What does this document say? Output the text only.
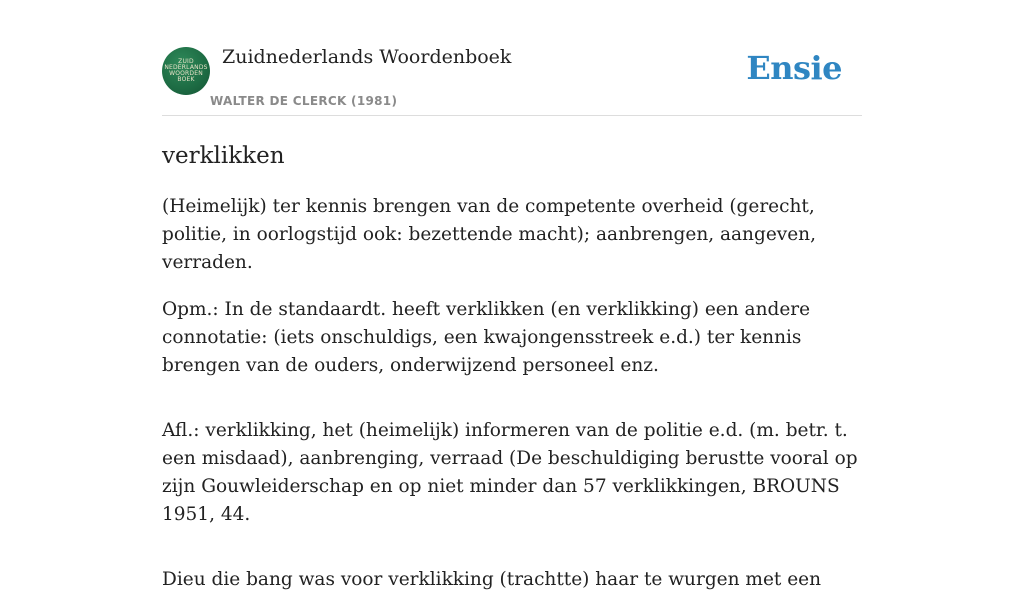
ZUID
NEDERLANDS
WOORDEN
BOEK
Zuidnederlands Woordenboek
WALTER DE CLERCK (1981)
Ensie
verklikken

(Heimelijk) ter kennis brengen van de competente overheid (gerecht, politie, in oorlogstijd ook: bezettende macht); aanbrengen, aangeven, verraden.

Opm.: In de standaardt. heeft verklikken (en verklikking) een andere connotatie: (iets onschuldigs, een kwajongensstreek e.d.) ter kennis brengen van de ouders, onderwijzend personeel enz.

Afl.: verklikking, het (heimelijk) informeren van de politie e.d. (m. betr. t. een misdaad), aanbrenging, verraad (De beschuldiging berustte vooral op zijn Gouwleiderschap en op niet minder dan 57 verklikkingen, BROUNS 1951, 44.

Dieu die bang was voor verklikking (trachtte) haar te wurgen met een
